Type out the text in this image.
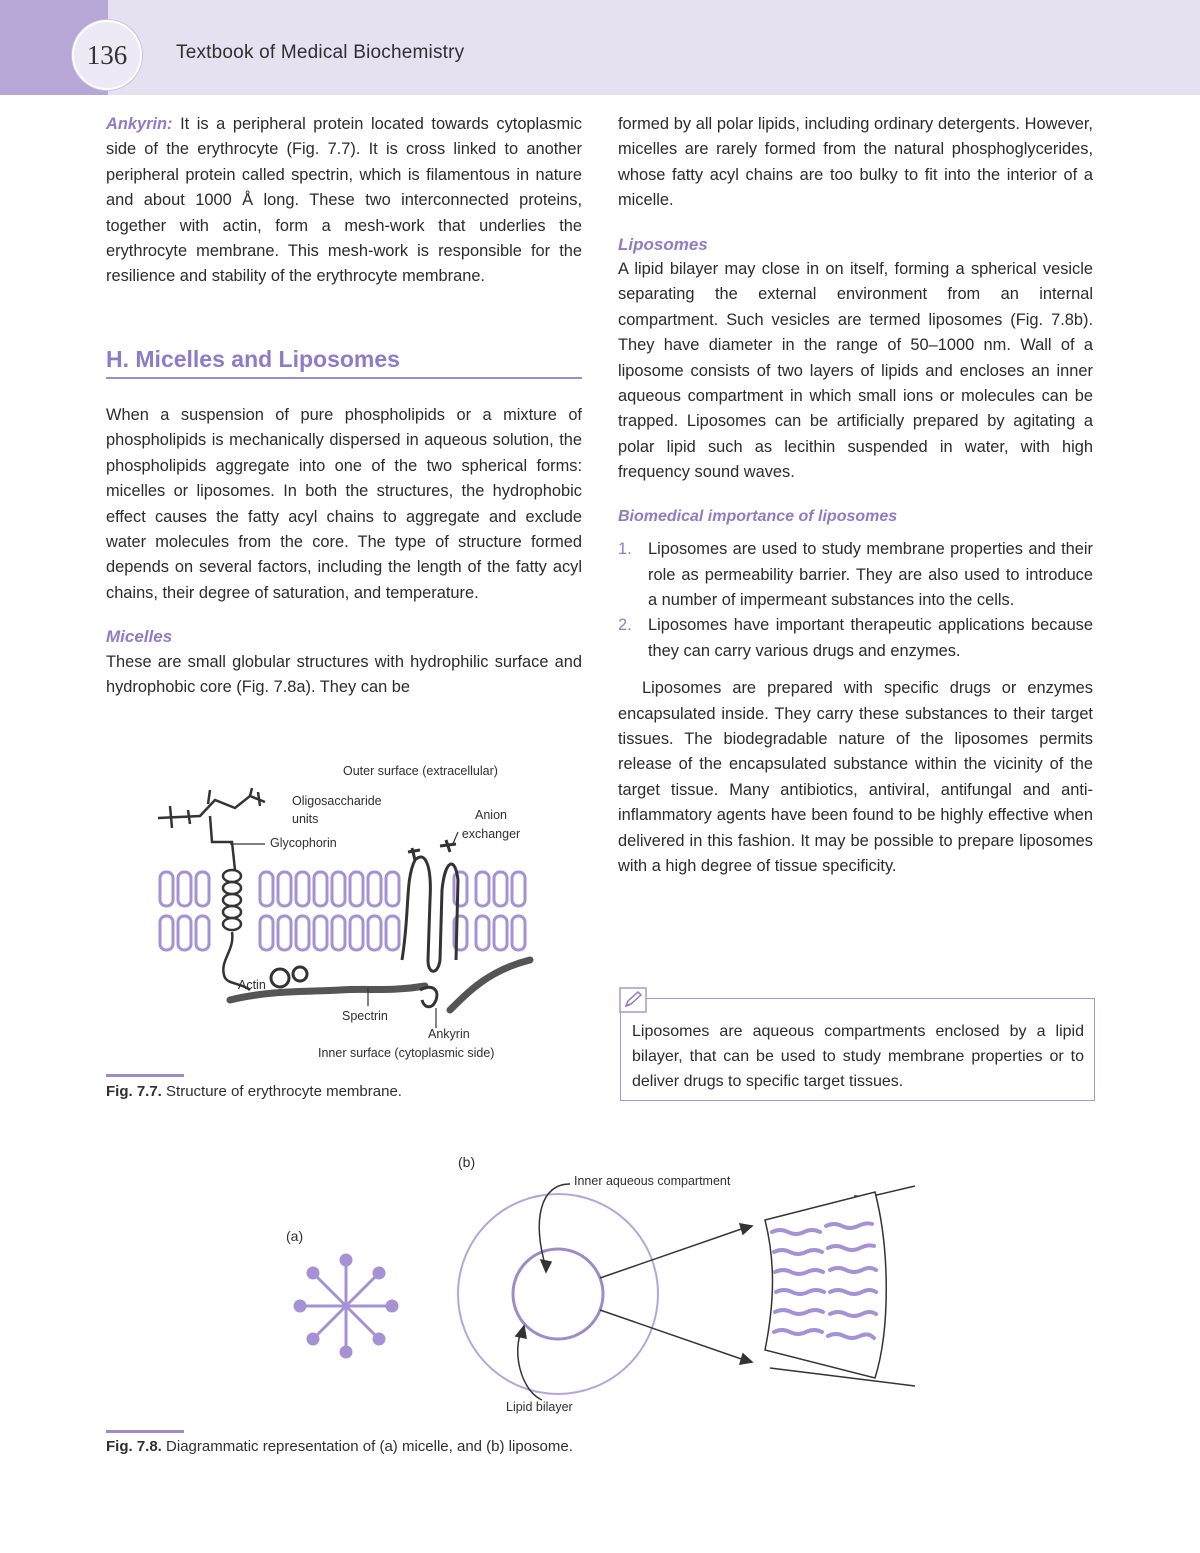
136	Textbook of Medical Biochemistry

Ankyrin: It is a peripheral protein located towards cytoplasmic side of the erythrocyte (Fig. 7.7). It is cross linked to another peripheral protein called spectrin, which is filamentous in nature and about 1000 Å long. These two interconnected proteins, together with actin, form a mesh-work that underlies the erythrocyte membrane. This mesh-work is responsible for the resilience and stability of the erythrocyte membrane.

H. Micelles and Liposomes

When a suspension of pure phospholipids or a mixture of phospholipids is mechanically dispersed in aqueous solution, the phospholipids aggregate into one of the two spherical forms: micelles or liposomes. In both the structures, the hydrophobic effect causes the fatty acyl chains to aggregate and exclude water molecules from the core. The type of structure formed depends on several factors, including the length of the fatty acyl chains, their degree of saturation, and temperature.

Micelles

These are small globular structures with hydrophilic surface and hydrophobic core (Fig. 7.8a). They can be

formed by all polar lipids, including ordinary detergents. However, micelles are rarely formed from the natural phosphoglycerides, whose fatty acyl chains are too bulky to fit into the interior of a micelle.

Liposomes

A lipid bilayer may close in on itself, forming a spherical vesicle separating the external environment from an internal compartment. Such vesicles are termed liposomes (Fig. 7.8b). They have diameter in the range of 50–1000 nm. Wall of a liposome consists of two layers of lipids and encloses an inner aqueous compartment in which small ions or molecules can be trapped. Liposomes can be artificially prepared by agitating a polar lipid such as lecithin suspended in water, with high frequency sound waves.

Biomedical importance of liposomes

1. Liposomes are used to study membrane properties and their role as permeability barrier. They are also used to introduce a number of impermeant substances into the cells.
2. Liposomes have important therapeutic applications because they can carry various drugs and enzymes.

Liposomes are prepared with specific drugs or enzymes encapsulated inside. They carry these substances to their target tissues. The biodegradable nature of the liposomes permits release of the encapsulated substance within the vicinity of the target tissue. Many antibiotics, antiviral, antifungal and anti-inflammatory agents have been found to be highly effective when delivered in this fashion. It may be possible to prepare liposomes with a high degree of tissue specificity.

Liposomes are aqueous compartments enclosed by a lipid bilayer, that can be used to study membrane properties or to deliver drugs to specific target tissues.
Outer surface (extracellular)
Oligosaccharide units	Anion exchanger
Glycophorin
Actin
Spectrin
Ankyrin
Inner surface (cytoplasmic side)
Fig. 7.7. Structure of erythrocyte membrane.
(b)
(a)
Inner aqueous compartment
Lipid bilayer
Fig. 7.8. Diagrammatic representation of (a) micelle, and (b) liposome.
